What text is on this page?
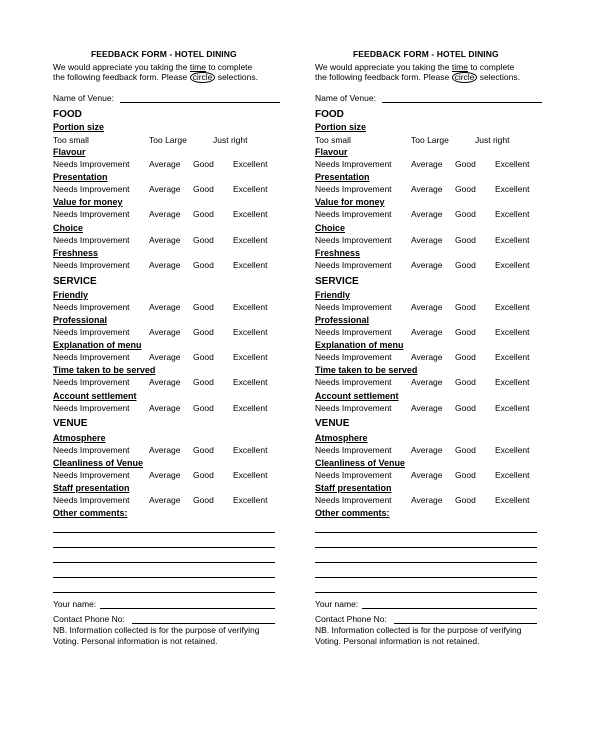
FEEDBACK FORM - HOTEL DINING
We would appreciate you taking the time to complete
the following feedback form. Please circle selections.
Name of Venue:
FOOD
Portion size
Too small	Too Large	Just right
Flavour
Needs Improvement Average Good Excellent
Presentation
Needs Improvement Average Good Excellent
Value for money
Needs Improvement Average Good Excellent
Choice
Needs Improvement Average Good Excellent
Freshness
Needs Improvement Average Good Excellent
SERVICE
Friendly
Needs Improvement Average Good Excellent
Professional
Needs Improvement Average Good Excellent
Explanation of menu
Needs Improvement Average Good Excellent
Time taken to be served
Needs Improvement Average Good Excellent
Account settlement
Needs Improvement Average Good Excellent
VENUE
Atmosphere
Needs Improvement Average Good Excellent
Cleanliness of Venue
Needs Improvement Average Good Excellent
Staff presentation
Needs Improvement Average Good Excellent
Other comments:
Your name:
Contact Phone No:
NB. Information collected is for the purpose of verifying
Voting. Personal information is not retained.
FEEDBACK FORM - HOTEL DINING
We would appreciate you taking the time to complete
the following feedback form. Please circle selections.
Name of Venue:
FOOD
Portion size
Too small	Too Large	Just right
Flavour
Needs Improvement Average Good Excellent
Presentation
Needs Improvement Average Good Excellent
Value for money
Needs Improvement Average Good Excellent
Choice
Needs Improvement Average Good Excellent
Freshness
Needs Improvement Average Good Excellent
SERVICE
Friendly
Needs Improvement Average Good Excellent
Professional
Needs Improvement Average Good Excellent
Explanation of menu
Needs Improvement Average Good Excellent
Time taken to be served
Needs Improvement Average Good Excellent
Account settlement
Needs Improvement Average Good Excellent
VENUE
Atmosphere
Needs Improvement Average Good Excellent
Cleanliness of Venue
Needs Improvement Average Good Excellent
Staff presentation
Needs Improvement Average Good Excellent
Other comments:
Your name:
Contact Phone No:
NB. Information collected is for the purpose of verifying
Voting. Personal information is not retained.
